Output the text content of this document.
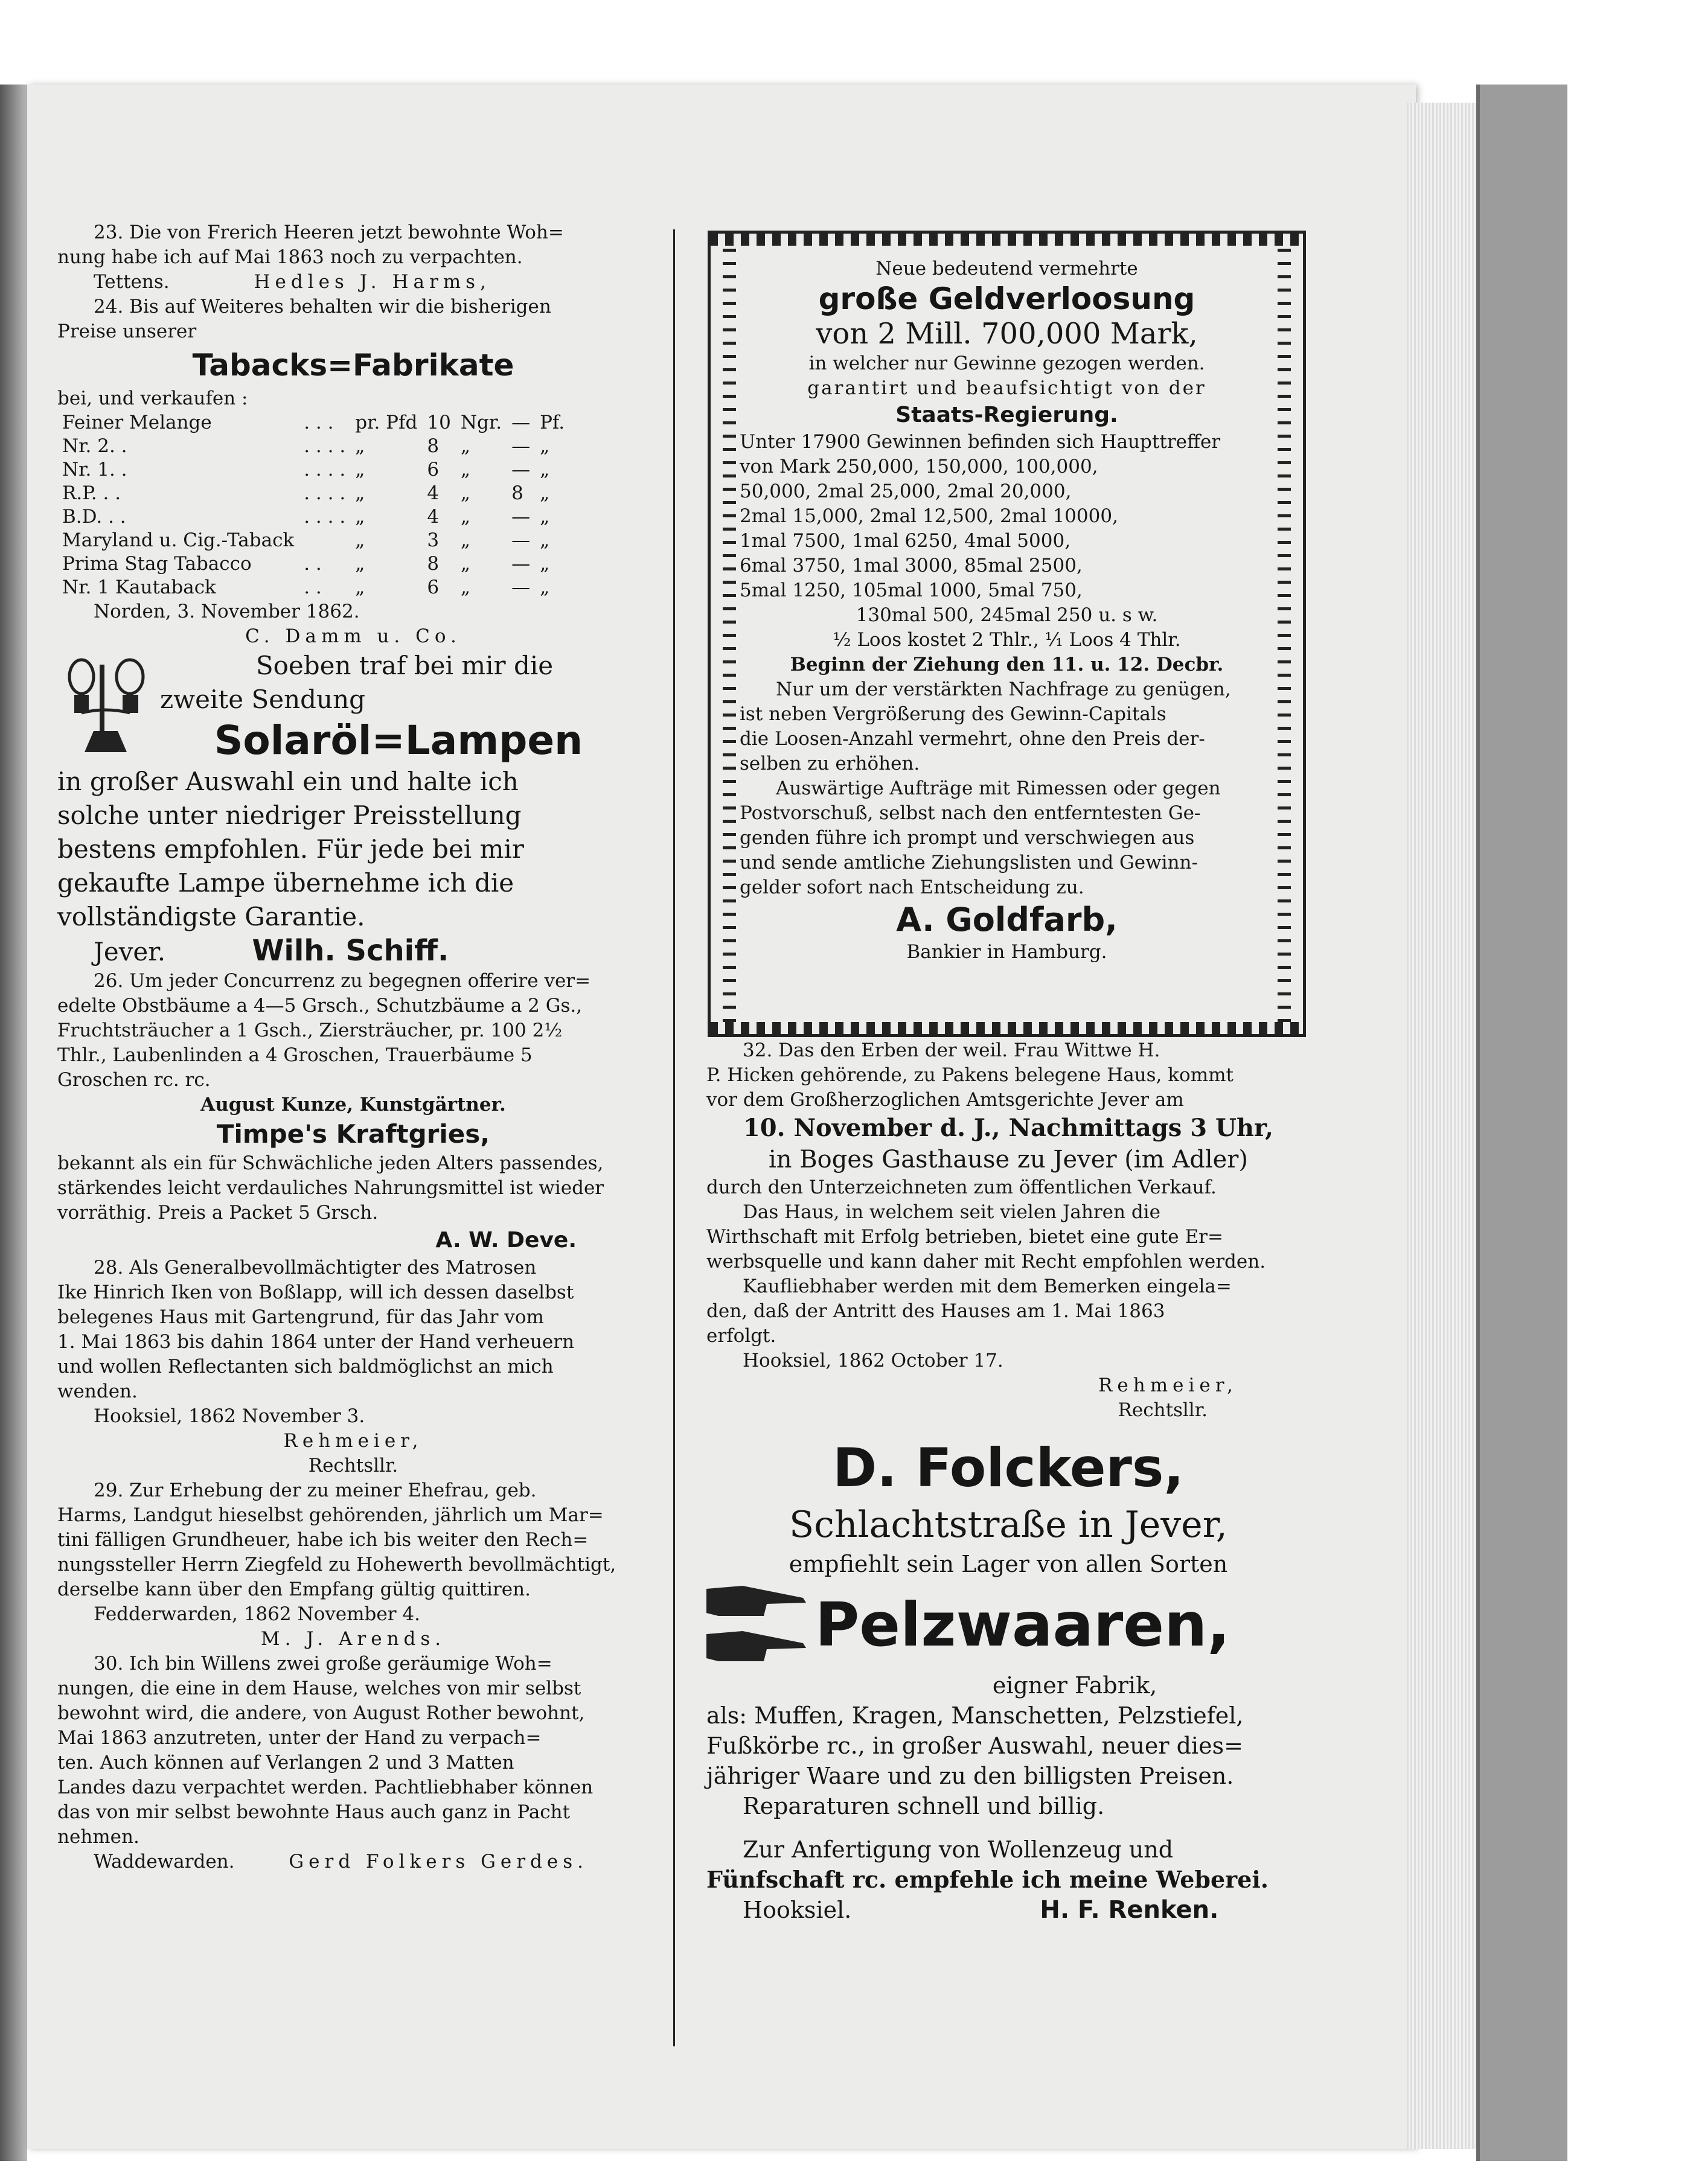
23. Die von Frerich Heeren jetzt bewohnte Woh=

nung habe ich auf Mai 1863 noch zu verpachten.

Tettens.	Hedles J. Harms,

24. Bis auf Weiteres behalten wir die bisherigen

Preise unserer

Tabacks=Fabrikate

bei, und verkaufen :

Feiner Melange	. . .	pr. Pfd	10	Ngr.	—	Pf.
Nr. 2. .	. . . .	„	8	„	—	„
Nr. 1. .	. . . .	„	6	„	—	„
R.P. . .	. . . .	„	4	„	8	„
B.D. . .	. . . .	„	4	„	—	„
Maryland u. Cig.-Taback		„	3	„	—	„
Prima Stag Tabacco	. .	„	8	„	—	„
Nr. 1 Kautaback	. .	„	6	„	—	„

Norden, 3. November 1862.

C. Damm u. Co.

Soeben traf bei mir die

zweite Sendung

Solaröl=Lampen

in großer Auswahl ein und halte ich

solche unter niedriger Preisstellung

bestens empfohlen. Für jede bei mir

gekaufte Lampe übernehme ich die

vollständigste Garantie.

Jever.	Wilh. Schiff.

26. Um jeder Concurrenz zu begegnen offerire ver=

edelte Obstbäume a 4—5 Grsch., Schutzbäume a 2 Gs.,

Fruchtsträucher a 1 Gsch., Ziersträucher, pr. 100 2½

Thlr., Laubenlinden a 4 Groschen, Trauerbäume 5

Groschen rc. rc.

August Kunze, Kunstgärtner.

Timpe's Kraftgries,

bekannt als ein für Schwächliche jeden Alters passendes,

stärkendes leicht verdauliches Nahrungsmittel ist wieder

vorräthig. Preis a Packet 5 Grsch.

A. W. Deve.

28. Als Generalbevollmächtigter des Matrosen

Ike Hinrich Iken von Boßlapp, will ich dessen daselbst

belegenes Haus mit Gartengrund, für das Jahr vom

1. Mai 1863 bis dahin 1864 unter der Hand verheuern

und wollen Reflectanten sich baldmöglichst an mich

wenden.

Hooksiel, 1862 November 3.

Rehmeier,

Rechtsllr.

29. Zur Erhebung der zu meiner Ehefrau, geb.

Harms, Landgut hieselbst gehörenden, jährlich um Mar=

tini fälligen Grundheuer, habe ich bis weiter den Rech=

nungssteller Herrn Ziegfeld zu Hohewerth bevollmächtigt,

derselbe kann über den Empfang gültig quittiren.

Fedderwarden, 1862 November 4.

M. J. Arends.

30. Ich bin Willens zwei große geräumige Woh=

nungen, die eine in dem Hause, welches von mir selbst

bewohnt wird, die andere, von August Rother bewohnt,

Mai 1863 anzutreten, unter der Hand zu verpach=

ten. Auch können auf Verlangen 2 und 3 Matten

Landes dazu verpachtet werden. Pachtliebhaber können

das von mir selbst bewohnte Haus auch ganz in Pacht

nehmen.

Waddewarden.	Gerd Folkers Gerdes.

Neue bedeutend vermehrte

große Geldverloosung

von 2 Mill. 700,000 Mark,

in welcher nur Gewinne gezogen werden.

garantirt und beaufsichtigt von der

Staats-Regierung.

Unter 17900 Gewinnen befinden sich Haupttreffer

von Mark 250,000, 150,000, 100,000,

50,000, 2mal 25,000, 2mal 20,000,

2mal 15,000, 2mal 12,500, 2mal 10000,

1mal 7500, 1mal 6250, 4mal 5000,

6mal 3750, 1mal 3000, 85mal 2500,

5mal 1250, 105mal 1000, 5mal 750,

130mal 500, 245mal 250 u. s w.

½ Loos kostet 2 Thlr., ¹⁄₁ Loos 4 Thlr.

Beginn der Ziehung den 11. u. 12. Decbr.

Nur um der verstärkten Nachfrage zu genügen,

ist neben Vergrößerung des Gewinn-Capitals

die Loosen-Anzahl vermehrt, ohne den Preis der-

selben zu erhöhen.

Auswärtige Aufträge mit Rimessen oder gegen

Postvorschuß, selbst nach den entferntesten Ge-

genden führe ich prompt und verschwiegen aus

und sende amtliche Ziehungslisten und Gewinn-

gelder sofort nach Entscheidung zu.

A. Goldfarb,

Bankier in Hamburg.

32. Das den Erben der weil. Frau Wittwe H.

P. Hicken gehörende, zu Pakens belegene Haus, kommt

vor dem Großherzoglichen Amtsgerichte Jever am

10. November d. J., Nachmittags 3 Uhr,

in Boges Gasthause zu Jever (im Adler)

durch den Unterzeichneten zum öffentlichen Verkauf.

Das Haus, in welchem seit vielen Jahren die

Wirthschaft mit Erfolg betrieben, bietet eine gute Er=

werbsquelle und kann daher mit Recht empfohlen werden.

Kaufliebhaber werden mit dem Bemerken eingela=

den, daß der Antritt des Hauses am 1. Mai 1863

erfolgt.

Hooksiel, 1862 October 17.

Rehmeier,

Rechtsllr.

D. Folckers,

Schlachtstraße in Jever,

empfiehlt sein Lager von allen Sorten

Pelzwaaren,

eigner Fabrik,

als: Muffen, Kragen, Manschetten, Pelzstiefel,

Fußkörbe rc., in großer Auswahl, neuer dies=

jähriger Waare und zu den billigsten Preisen.

Reparaturen schnell und billig.

Zur Anfertigung von Wollenzeug und

Fünfschaft rc. empfehle ich meine Weberei.

Hooksiel.	H. F. Renken.
